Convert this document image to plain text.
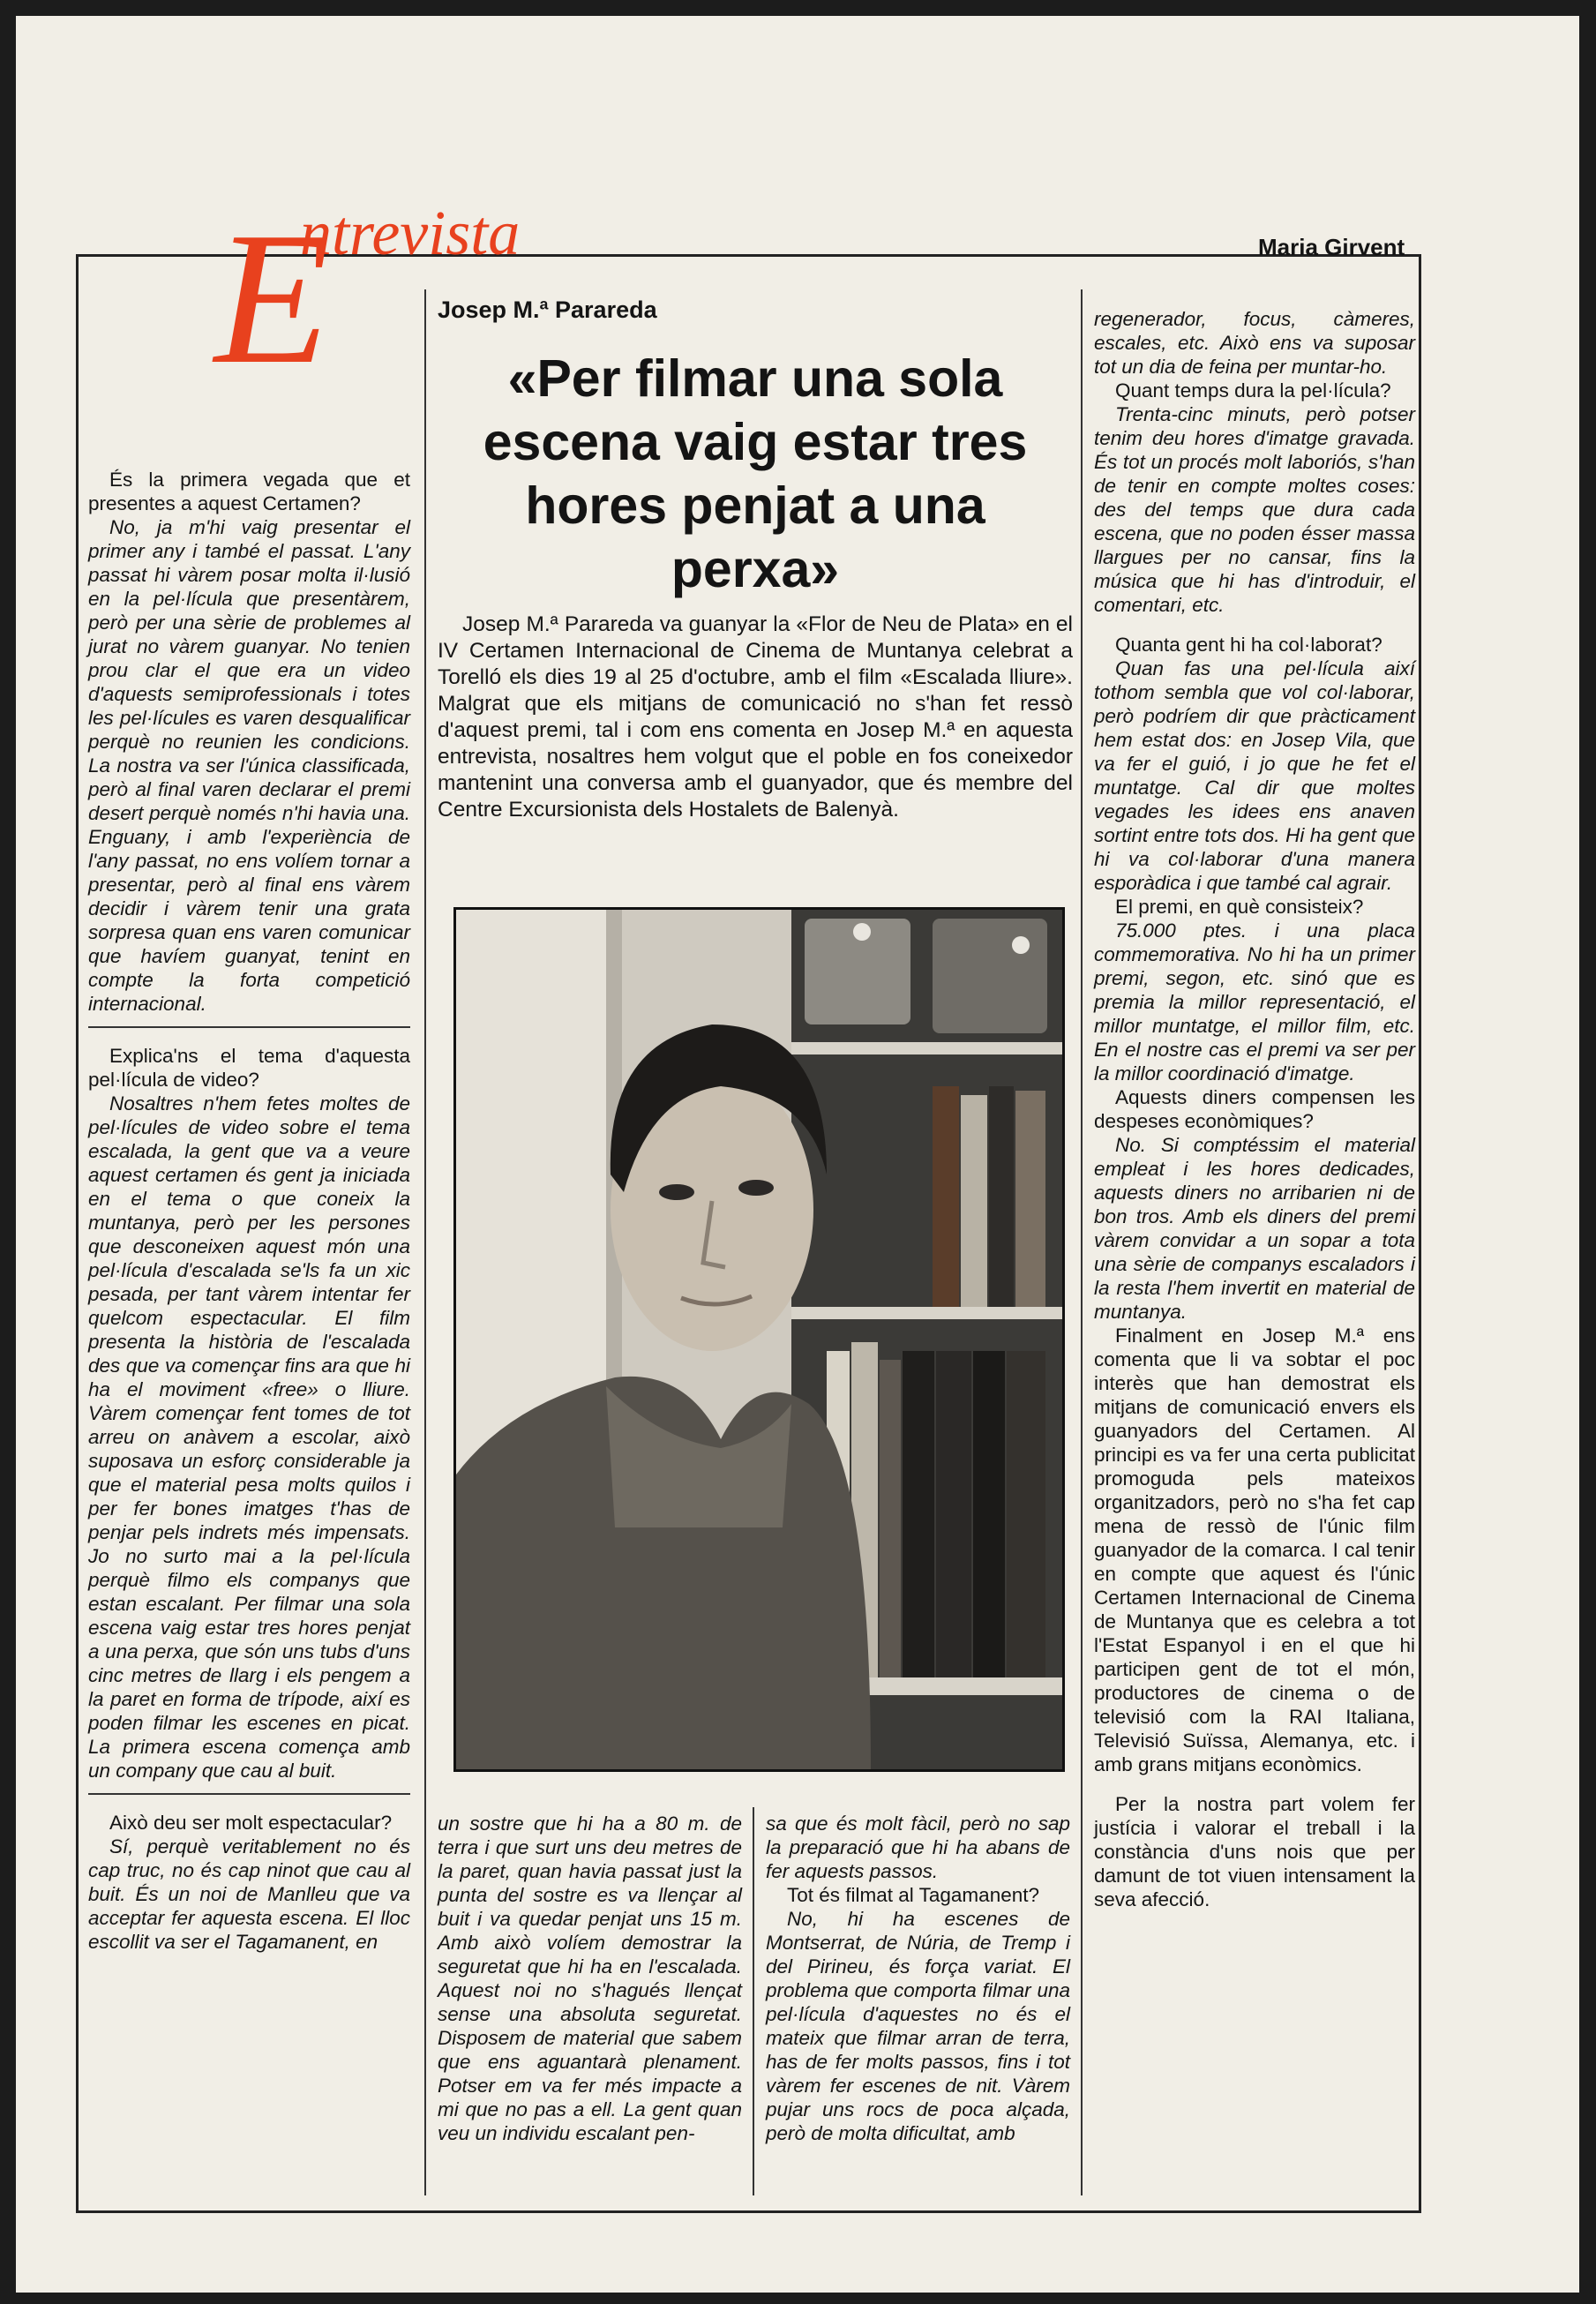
E
ntrevista	Maria Girvent

És la primera vegada que et presentes a aquest Certamen?

No, ja m'hi vaig presentar el primer any i també el passat. L'any passat hi vàrem posar molta il·lusió en la pel·lícula que presentàrem, però per una sèrie de problemes al jurat no vàrem guanyar. No tenien prou clar el que era un video d'aquests semiprofessionals i totes les pel·lícules es varen desqualificar perquè no reunien les condicions. La nostra va ser l'única classificada, però al final varen declarar el premi desert perquè només n'hi havia una. Enguany, i amb l'experiència de l'any passat, no ens volíem tornar a presentar, però al final ens vàrem decidir i vàrem tenir una grata sorpresa quan ens varen comunicar que havíem guanyat, tenint en compte la forta competició internacional.

Explica'ns el tema d'aquesta pel·lícula de video?

Nosaltres n'hem fetes moltes de pel·lícules de video sobre el tema escalada, la gent que va a veure aquest certamen és gent ja iniciada en el tema o que coneix la muntanya, però per les persones que desconeixen aquest món una pel·lícula d'escalada se'ls fa un xic pesada, per tant vàrem intentar fer quelcom espectacular. El film presenta la història de l'escalada des que va començar fins ara que hi ha el moviment «free» o lliure. Vàrem començar fent tomes de tot arreu on anàvem a escolar, això suposava un esforç considerable ja que el material pesa molts quilos i per fer bones imatges t'has de penjar pels indrets més impensats. Jo no surto mai a la pel·lícula perquè filmo els companys que estan escalant. Per filmar una sola escena vaig estar tres hores penjat a una perxa, que són uns tubs d'uns cinc metres de llarg i els pengem a la paret en forma de trípode, així es poden filmar les escenes en picat. La primera escena comença amb un company que cau al buit.

Això deu ser molt espectacular?

Sí, perquè veritablement no és cap truc, no és cap ninot que cau al buit. És un noi de Manlleu que va acceptar fer aquesta escena. El lloc escollit va ser el Tagamanent, en

Josep M.ª Parareda
«Per filmar una sola escena vaig estar tres hores penjat a una perxa»

Josep M.ª Parareda va guanyar la «Flor de Neu de Plata» en el IV Certamen Internacional de Cinema de Muntanya celebrat a Torelló els dies 19 al 25 d'octubre, amb el film «Escalada lliure». Malgrat que els mitjans de comunicació no s'han fet ressò d'aquest premi, tal i com ens comenta en Josep M.ª en aquesta entrevista, nosaltres hem volgut que el poble en fos coneixedor mantenint una conversa amb el guanyador, que és membre del Centre Excursionista dels Hostalets de Balenyà.

un sostre que hi ha a 80 m. de terra i que surt uns deu metres de la paret, quan havia passat just la punta del sostre es va llençar al buit i va quedar penjat uns 15 m. Amb això volíem demostrar la seguretat que hi ha en l'escalada. Aquest noi no s'hagués llençat sense una absoluta seguretat. Disposem de material que sabem que ens aguantarà plenament. Potser em va fer més impacte a mi que no pas a ell. La gent quan veu un individu escalant pen-

sa que és molt fàcil, però no sap la preparació que hi ha abans de fer aquests passos.

Tot és filmat al Tagamanent?

No, hi ha escenes de Montserrat, de Núria, de Tremp i del Pirineu, és força variat. El problema que comporta filmar una pel·lícula d'aquestes no és el mateix que filmar arran de terra, has de fer molts passos, fins i tot vàrem fer escenes de nit. Vàrem pujar uns rocs de poca alçada, però de molta dificultat, amb

regenerador, focus, càmeres, escales, etc. Això ens va suposar tot un dia de feina per muntar-ho.

Quant temps dura la pel·lícula?

Trenta-cinc minuts, però potser tenim deu hores d'imatge gravada. És tot un procés molt laboriós, s'han de tenir en compte moltes coses: des del temps que dura cada escena, que no poden ésser massa llargues per no cansar, fins la música que hi has d'introduir, el comentari, etc.

Quanta gent hi ha col·laborat?

Quan fas una pel·lícula així tothom sembla que vol col·laborar, però podríem dir que pràcticament hem estat dos: en Josep Vila, que va fer el guió, i jo que he fet el muntatge. Cal dir que moltes vegades les idees ens anaven sortint entre tots dos. Hi ha gent que hi va col·laborar d'una manera esporàdica i que també cal agrair.

El premi, en què consisteix?

75.000 ptes. i una placa commemorativa. No hi ha un primer premi, segon, etc. sinó que es premia la millor representació, el millor muntatge, el millor film, etc. En el nostre cas el premi va ser per la millor coordinació d'imatge.

Aquests diners compensen les despeses econòmiques?

No. Si comptéssim el material empleat i les hores dedicades, aquests diners no arribarien ni de bon tros. Amb els diners del premi vàrem convidar a un sopar a tota una sèrie de companys escaladors i la resta l'hem invertit en material de muntanya.

Finalment en Josep M.ª ens comenta que li va sobtar el poc interès que han demostrat els mitjans de comunicació envers els guanyadors del Certamen. Al principi es va fer una certa publicitat promoguda pels mateixos organitzadors, però no s'ha fet cap menа de ressò de l'únic film guanyador de la comarca. I cal tenir en compte que aquest és l'únic Certamen Internacional de Cinema de Muntanya que es celebra a tot l'Estat Espanyol i en el que hi participen gent de tot el món, productores de cinema o de televisió com la RAI Italiana, Televisió Suïssa, Alemanya, etc. i amb grans mitjans econòmics.

Per la nostra part volem fer justícia i valorar el treball i la constància d'uns nois que per damunt de tot viuen intensament la seva afecció.
